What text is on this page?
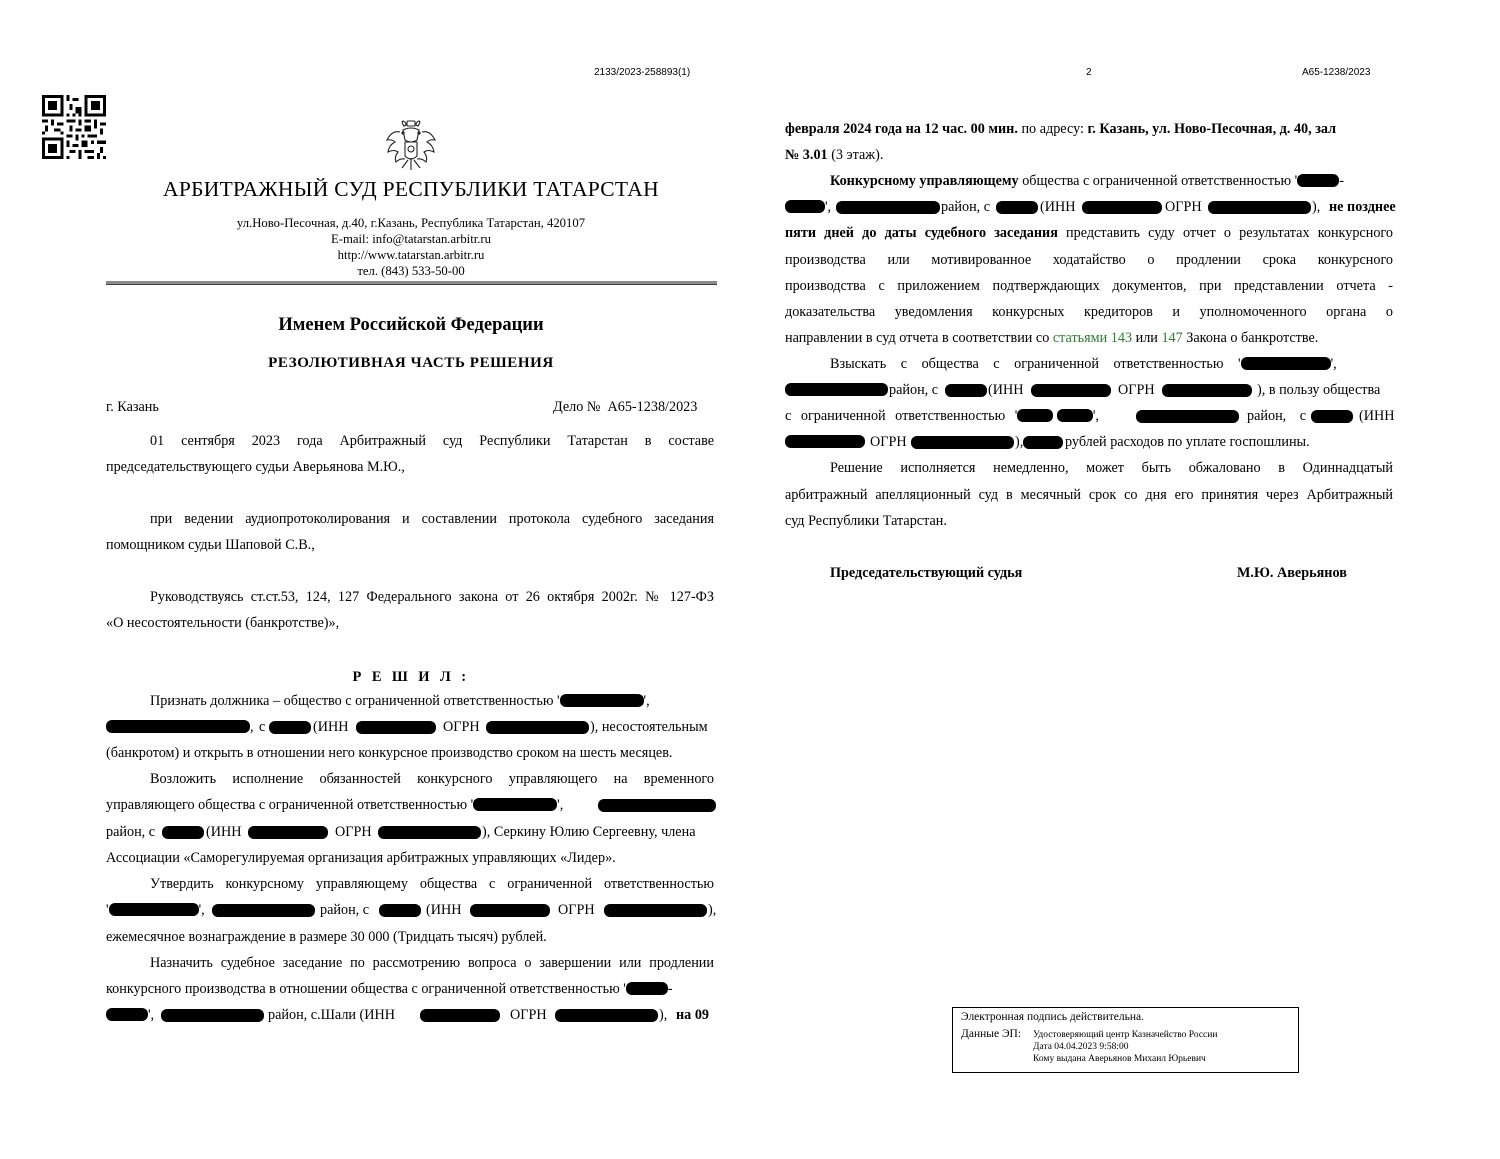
2133/2023-258893(1)
АРБИТРАЖНЫЙ СУД РЕСПУБЛИКИ ТАТАРСТАН
ул.Ново-Песочная, д.40, г.Казань, Республика Татарстан, 420107
E-mail: info@tatarstan.arbitr.ru
http://www.tatarstan.arbitr.ru
тел. (843) 533-50-00
Именем Российской Федерации
РЕЗОЛЮТИВНАЯ ЧАСТЬ РЕШЕНИЯ
г. Казань	Дело № А65-1238/2023
01 сентября 2023 года Арбитражный суд Республики Татарстан в составе
председательствующего судьи Аверьянова М.Ю.,
при ведении аудиопротоколирования и составлении протокола судебного заседания
помощником судьи Шаповой С.В.,
Руководствуясь ст.ст.53, 124, 127 Федерального закона от 26 октября 2002г. № 127-ФЗ
«О несостоятельности (банкротстве)»,
Р Е Ш И Л :
Признать должника – общество с ограниченной ответственностью '	',
, с	(ИНН	ОГРН	), несостоятельным
(банкротом) и открыть в отношении него конкурсное производство сроком на шесть месяцев.
Возложить исполнение обязанностей конкурсного управляющего на временного
управляющего общества с ограниченной ответственностью '	',
район, с	(ИНН	ОГРН	), Серкину Юлию Сергеевну, члена
Ассоциации «Саморегулируемая организация арбитражных управляющих «Лидер».
Утвердить конкурсному управляющему общества с ограниченной ответственностью
'	',	район, с	(ИНН	ОГРН	),
ежемесячное вознаграждение в размере 30 000 (Тридцать тысяч) рублей.
Назначить судебное заседание по рассмотрению вопроса о завершении или продлении
конкурсного производства в отношении общества с ограниченной ответственностью '	-
',	район, с.Шали (ИНН	ОГРН	), на 09
2	А65-1238/2023
февраля 2024 года на 12 час. 00 мин. по адресу: г. Казань, ул. Ново-Песочная, д. 40, зал
№ 3.01 (3 этаж).
Конкурсному управляющему общества с ограниченной ответственностью '	-
',	район, с	(ИНН	ОГРН	), не позднее
пяти дней до даты судебного заседания представить суду отчет о результатах конкурсного
производства или мотивированное ходатайство о продлении срока конкурсного
производства с приложением подтверждающих документов, при представлении отчета -
доказательства уведомления конкурсных кредиторов и уполномоченного органа о
направлении в суд отчета в соответствии со статьями 143 или 147 Закона о банкротстве.
Взыскать с общества с ограниченной ответственностью '	',
район, с	(ИНН	ОГРН	), в пользу общества
с ограниченной ответственностью '	',	район, с	(ИНН
ОГРН	),	рублей расходов по уплате госпошлины.
Решение исполняется немедленно, может быть обжаловано в Одиннадцатый
арбитражный апелляционный суд в месячный срок со дня его принятия через Арбитражный
суд Республики Татарстан.
Председательствующий судья	М.Ю. Аверьянов
Электронная подпись действительна.
Данные ЭП: Удостоверяющий центр Казначейство России
Дата 04.04.2023 9:58:00
Кому выдана Аверьянов Михаил Юрьевич
